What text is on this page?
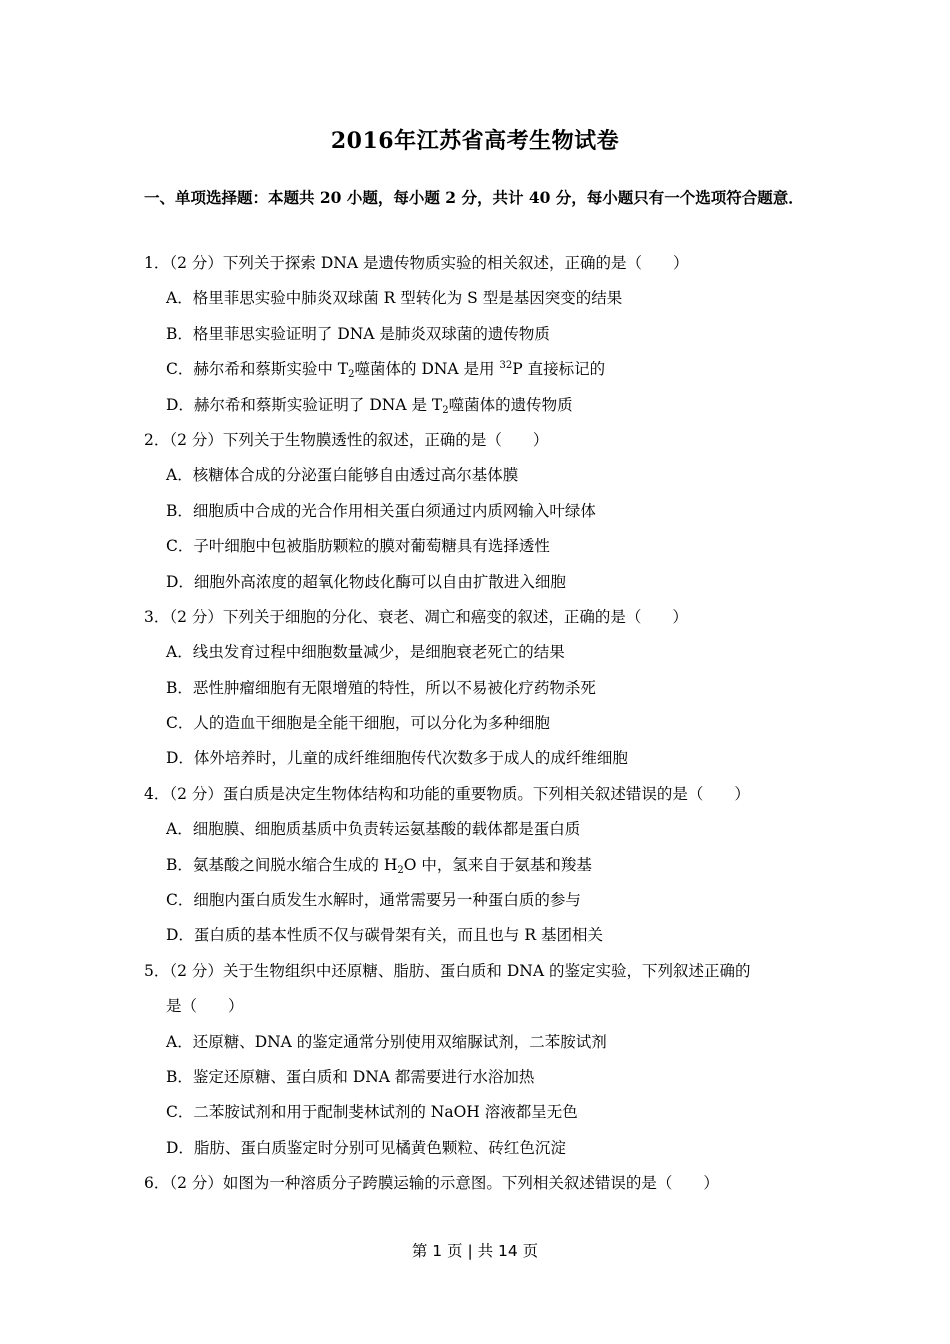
2016年江苏省高考生物试卷
一、单项选择题：本题共 20 小题，每小题 2 分，共计 40 分，每小题只有一个选项符合题意．
1．（2 分）下列关于探索 DNA 是遗传物质实验的相关叙述，正确的是（　　）
A．格里菲思实验中肺炎双球菌 R 型转化为 S 型是基因突变的结果
B．格里菲思实验证明了 DNA 是肺炎双球菌的遗传物质
C．赫尔希和蔡斯实验中 $T_2$噬菌体的 DNA 是用 $^{32}$P 直接标记的
D．赫尔希和蔡斯实验证明了 DNA 是 $T_2$噬菌体的遗传物质
2．（2 分）下列关于生物膜透性的叙述，正确的是（　　）
A．核糖体合成的分泌蛋白能够自由透过高尔基体膜
B．细胞质中合成的光合作用相关蛋白须通过内质网输入叶绿体
C．子叶细胞中包被脂肪颗粒的膜对葡萄糖具有选择透性
D．细胞外高浓度的超氧化物歧化酶可以自由扩散进入细胞
3．（2 分）下列关于细胞的分化、衰老、凋亡和癌变的叙述，正确的是（　　）
A．线虫发育过程中细胞数量减少，是细胞衰老死亡的结果
B．恶性肿瘤细胞有无限增殖的特性，所以不易被化疗药物杀死
C．人的造血干细胞是全能干细胞，可以分化为多种细胞
D．体外培养时，儿童的成纤维细胞传代次数多于成人的成纤维细胞
4．（2 分）蛋白质是决定生物体结构和功能的重要物质。下列相关叙述错误的是（　　）
A．细胞膜、细胞质基质中负责转运氨基酸的载体都是蛋白质
B．氨基酸之间脱水缩合生成的 $H_2O$ 中，氢来自于氨基和羧基
C．细胞内蛋白质发生水解时，通常需要另一种蛋白质的参与
D．蛋白质的基本性质不仅与碳骨架有关，而且也与 R 基团相关
5．（2 分）关于生物组织中还原糖、脂肪、蛋白质和 DNA 的鉴定实验，下列叙述正确的
是（　　）
A．还原糖、DNA 的鉴定通常分别使用双缩脲试剂，二苯胺试剂
B．鉴定还原糖、蛋白质和 DNA 都需要进行水浴加热
C．二苯胺试剂和用于配制斐林试剂的 NaOH 溶液都呈无色
D．脂肪、蛋白质鉴定时分别可见橘黄色颗粒、砖红色沉淀
6．（2 分）如图为一种溶质分子跨膜运输的示意图。下列相关叙述错误的是（　　）
第 1 页 | 共 14 页
